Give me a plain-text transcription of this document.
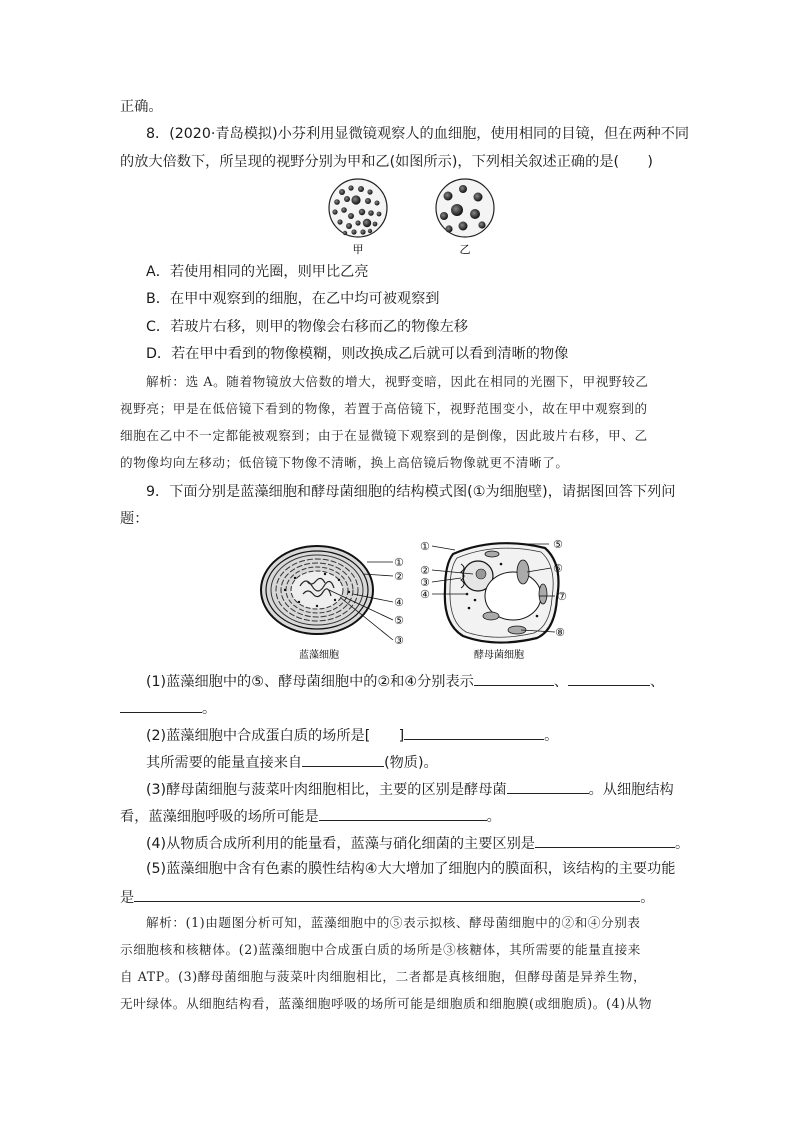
正确。
8．(2020·青岛模拟)小芬利用显微镜观察人的血细胞，使用相同的目镜，但在两种不同
的放大倍数下，所呈现的视野分别为甲和乙(如图所示)，下列相关叙述正确的是(　　)
甲	乙
A．若使用相同的光圈，则甲比乙亮
B．在甲中观察到的细胞，在乙中均可被观察到
C．若玻片右移，则甲的物像会右移而乙的物像左移
D．若在甲中看到的物像模糊，则改换成乙后就可以看到清晰的物像
解析：选 A。随着物镜放大倍数的增大，视野变暗，因此在相同的光圈下，甲视野较乙
视野亮；甲是在低倍镜下看到的物像，若置于高倍镜下，视野范围变小，故在甲中观察到的
细胞在乙中不一定都能被观察到；由于在显微镜下观察到的是倒像，因此玻片右移，甲、乙
的物像均向左移动；低倍镜下物像不清晰，换上高倍镜后物像就更不清晰了。
9．下面分别是蓝藻细胞和酵母菌细胞的结构模式图(①为细胞壁)，请据图回答下列问
题：
①
②
④
⑤
③
蓝藻细胞
①
②
③
④
⑤
⑥
⑦
⑧
酵母菌细胞
(1)蓝藻细胞中的⑤、酵母菌细胞中的②和④分别表示	、	、
。
(2)蓝藻细胞中合成蛋白质的场所是[　　]	。
其所需要的能量直接来自	(物质)。
(3)酵母菌细胞与菠菜叶肉细胞相比，主要的区别是酵母菌	。从细胞结构
看，蓝藻细胞呼吸的场所可能是	。
(4)从物质合成所利用的能量看，蓝藻与硝化细菌的主要区别是	。
(5)蓝藻细胞中含有色素的膜性结构④大大增加了细胞内的膜面积，该结构的主要功能
是	。
解析：(1)由题图分析可知，蓝藻细胞中的⑤表示拟核、酵母菌细胞中的②和④分别表
示细胞核和核糖体。(2)蓝藻细胞中合成蛋白质的场所是③核糖体，其所需要的能量直接来
自 ATP。(3)酵母菌细胞与菠菜叶肉细胞相比，二者都是真核细胞，但酵母菌是异养生物，
无叶绿体。从细胞结构看，蓝藻细胞呼吸的场所可能是细胞质和细胞膜(或细胞质)。(4)从物
